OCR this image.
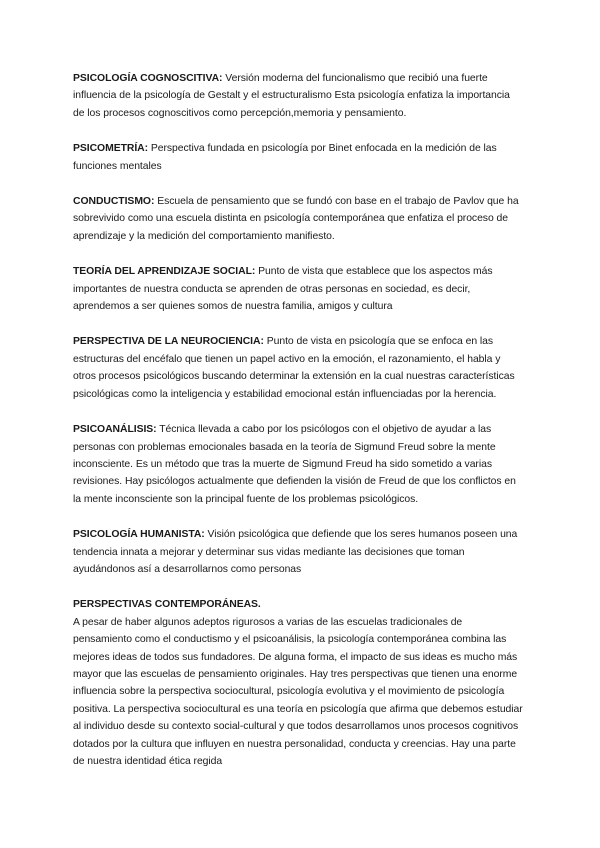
PSICOLOGÍA COGNOSCITIVA: Versión moderna del funcionalismo que recibió una fuerte influencia de la psicología de Gestalt y el estructuralismo Esta psicología enfatiza la importancia de los procesos cognoscitivos como percepción,memoria y pensamiento.

PSICOMETRÍA: Perspectiva fundada en psicología por Binet enfocada en la medición de las funciones mentales

CONDUCTISMO: Escuela de pensamiento que se fundó con base en el trabajo de Pavlov que ha sobrevivido como una escuela distinta en psicología contemporánea que enfatiza el proceso de aprendizaje y la medición del comportamiento manifiesto.

TEORÍA DEL APRENDIZAJE SOCIAL: Punto de vista que establece que los aspectos más importantes de nuestra conducta se aprenden de otras personas en sociedad, es decir, aprendemos a ser quienes somos de nuestra familia, amigos y cultura

PERSPECTIVA DE LA NEUROCIENCIA: Punto de vista en psicología que se enfoca en las estructuras del encéfalo que tienen un papel activo en la emoción, el razonamiento, el habla y otros procesos psicológicos buscando determinar la extensión en la cual nuestras características psicológicas como la inteligencia y estabilidad emocional están influenciadas por la herencia.

PSICOANÁLISIS: Técnica llevada a cabo por los psicólogos con el objetivo de ayudar a las personas con problemas emocionales basada en la teoría de Sigmund Freud sobre la mente inconsciente. Es un método que tras la muerte de Sigmund Freud ha sido sometido a varias revisiones. Hay psicólogos actualmente que defienden la visión de Freud de que los conflictos en la mente inconsciente son la principal fuente de los problemas psicológicos.

PSICOLOGÍA HUMANISTA: Visión psicológica que defiende que los seres humanos poseen una tendencia innata a mejorar y determinar sus vidas mediante las decisiones que toman ayudándonos así a desarrollarnos como personas

PERSPECTIVAS CONTEMPORÁNEAS.

A pesar de haber algunos adeptos rigurosos a varias de las escuelas tradicionales de pensamiento como el conductismo y el psicoanálisis, la psicología contemporánea combina las mejores ideas de todos sus fundadores. De alguna forma, el impacto de sus ideas es mucho más mayor que las escuelas de pensamiento originales. Hay tres perspectivas que tienen una enorme influencia sobre la perspectiva sociocultural, psicología evolutiva y el movimiento de psicología positiva. La perspectiva sociocultural es una teoría en psicología que afirma que debemos estudiar al individuo desde su contexto social-cultural y que todos desarrollamos unos procesos cognitivos dotados por la cultura que influyen en nuestra personalidad, conducta y creencias. Hay una parte de nuestra identidad ética regida
